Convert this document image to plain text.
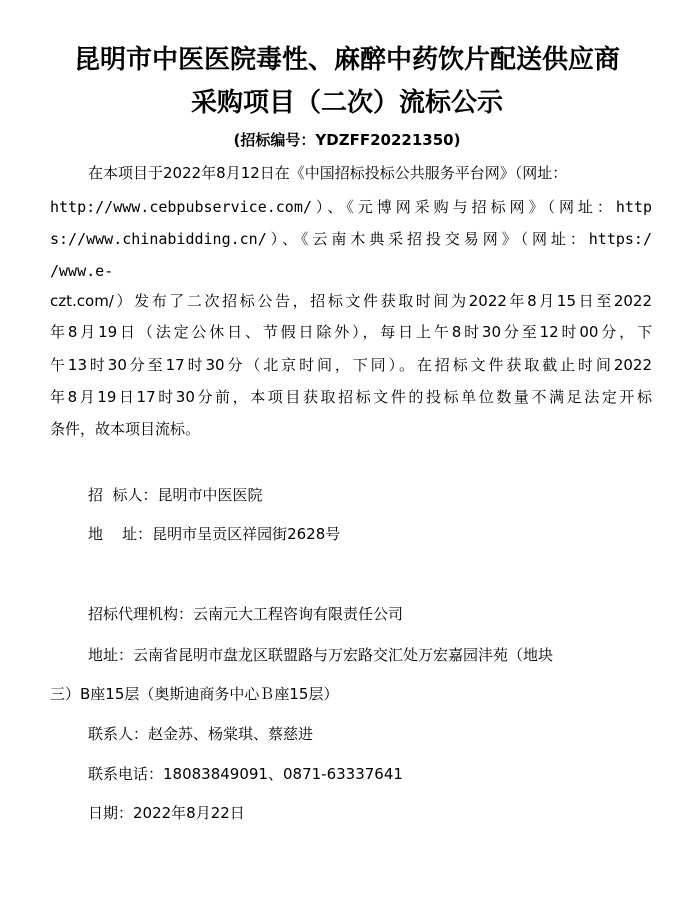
昆明市中医医院毒性、麻醉中药饮片配送供应商
采购项目（二次）流标公示

(招标编号：YDZFF20221350)

在本项目于2022年8月12日在《中国招标投标公共服务平台网》（网址：

http://www.cebpubservice.com/）、《元博网采购与招标网》（网址：http

s://www.chinabidding.cn/）、《云南木典采招投交易网》（网址：https:/

/www.e-

czt.com/）发布了二次招标公告，招标文件获取时间为2022年8月15日至2022

年8月19日（法定公休日、节假日除外），每日上午8时30分至12时00分，下

午13时30分至17时30分（北京时间，下同）。在招标文件获取截止时间2022

年8月19日17时30分前，本项目获取招标文件的投标单位数量不满足法定开标

条件，故本项目流标。

招  标人：昆明市中医医院

地    址：昆明市呈贡区祥园街2628号

招标代理机构：云南元大工程咨询有限责任公司

地址：云南省昆明市盘龙区联盟路与万宏路交汇处万宏嘉园沣苑（地块

三）B座15层（奥斯迪商务中心Ｂ座15层）

联系人：赵金苏、杨棠琪、蔡慈进

联系电话：18083849091、0871-63337641

日期：2022年8月22日
